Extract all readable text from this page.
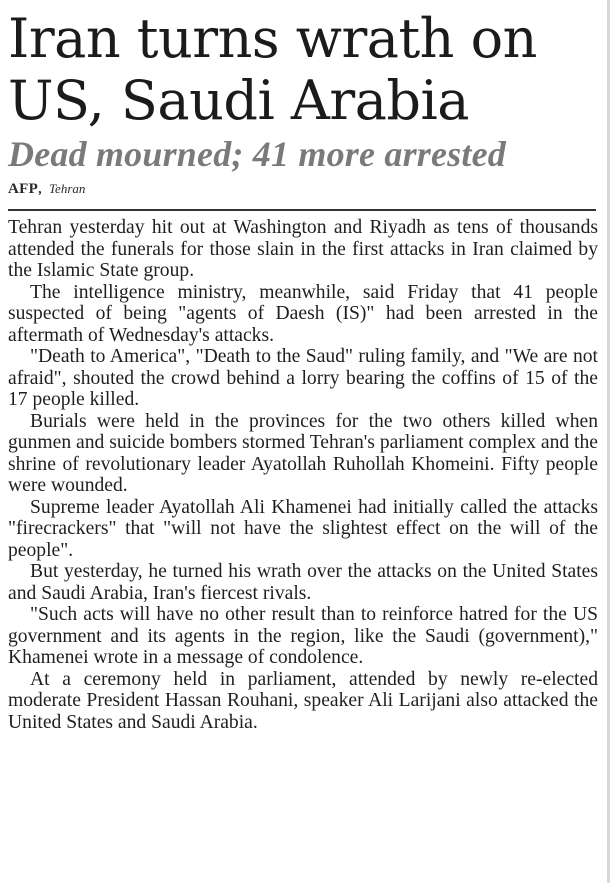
Iran turns wrath on
US, Saudi Arabia
Dead mourned; 41 more arrested
AFP, Tehran

Tehran yesterday hit out at Washington and Riyadh as tens of thousands attended the funerals for those slain in the first attacks in Iran claimed by the Islamic State group.

The intelligence ministry, meanwhile, said Friday that 41 people suspected of being "agents of Daesh (IS)" had been arrested in the aftermath of Wednesday's attacks.

"Death to America", "Death to the Saud" ruling family, and "We are not afraid", shouted the crowd behind a lorry bearing the coffins of 15 of the 17 people killed.

Burials were held in the provinces for the two others killed when gunmen and suicide bombers stormed Tehran's parliament complex and the shrine of revolutionary leader Ayatollah Ruhollah Khomeini. Fifty people were wounded.

Supreme leader Ayatollah Ali Khamenei had initially called the attacks "firecrackers" that "will not have the slightest effect on the will of the people".

But yesterday, he turned his wrath over the attacks on the United States and Saudi Arabia, Iran's fiercest rivals.

"Such acts will have no other result than to reinforce hatred for the US government and its agents in the region, like the Saudi (government)," Khamenei wrote in a message of condolence.

At a ceremony held in parliament, attended by newly re-elected moderate President Hassan Rouhani, speaker Ali Larijani also attacked the United States and Saudi Arabia.
